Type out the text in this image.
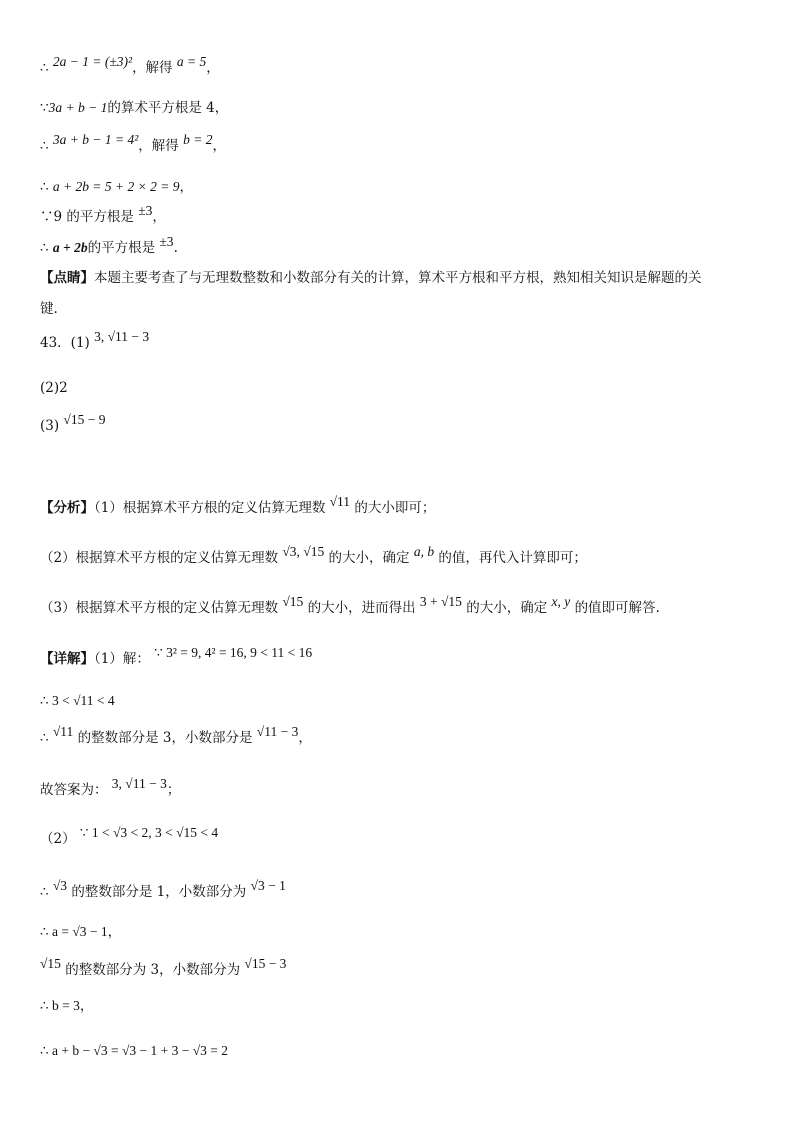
∴ 2a − 1 = (±3)²，解得 a = 5，
∵3a + b − 1的算术平方根是 4，
∴ 3a + b − 1 = 4²，解得 b = 2，
∴ a + 2b = 5 + 2 × 2 = 9，
∵9 的平方根是 ±3，
∴ a + 2b的平方根是 ±3.
【点睛】本题主要考查了与无理数整数和小数部分有关的计算，算术平方根和平方根，熟知相关知识是解题的关
键.
43．(1) 3, √11 − 3
(2)2
(3) √15 − 9
【分析】（1）根据算术平方根的定义估算无理数 √11 的大小即可；
（2）根据算术平方根的定义估算无理数 √3, √15 的大小，确定 a, b 的值，再代入计算即可；
（3）根据算术平方根的定义估算无理数 √15 的大小，进而得出 3 + √15 的大小，确定 x, y 的值即可解答.
【详解】（1）解： ∵ 3² = 9, 4² = 16, 9 < 11 < 16
∴ 3 < √11 < 4
∴ √11 的整数部分是 3，小数部分是 √11 − 3，
故答案为： 3, √11 − 3；
（2） ∵ 1 < √3 < 2, 3 < √15 < 4
∴ √3 的整数部分是 1，小数部分为 √3 − 1
∴ a = √3 − 1，
√15 的整数部分为 3，小数部分为 √15 − 3
∴ b = 3，
∴ a + b − √3 = √3 − 1 + 3 − √3 = 2
